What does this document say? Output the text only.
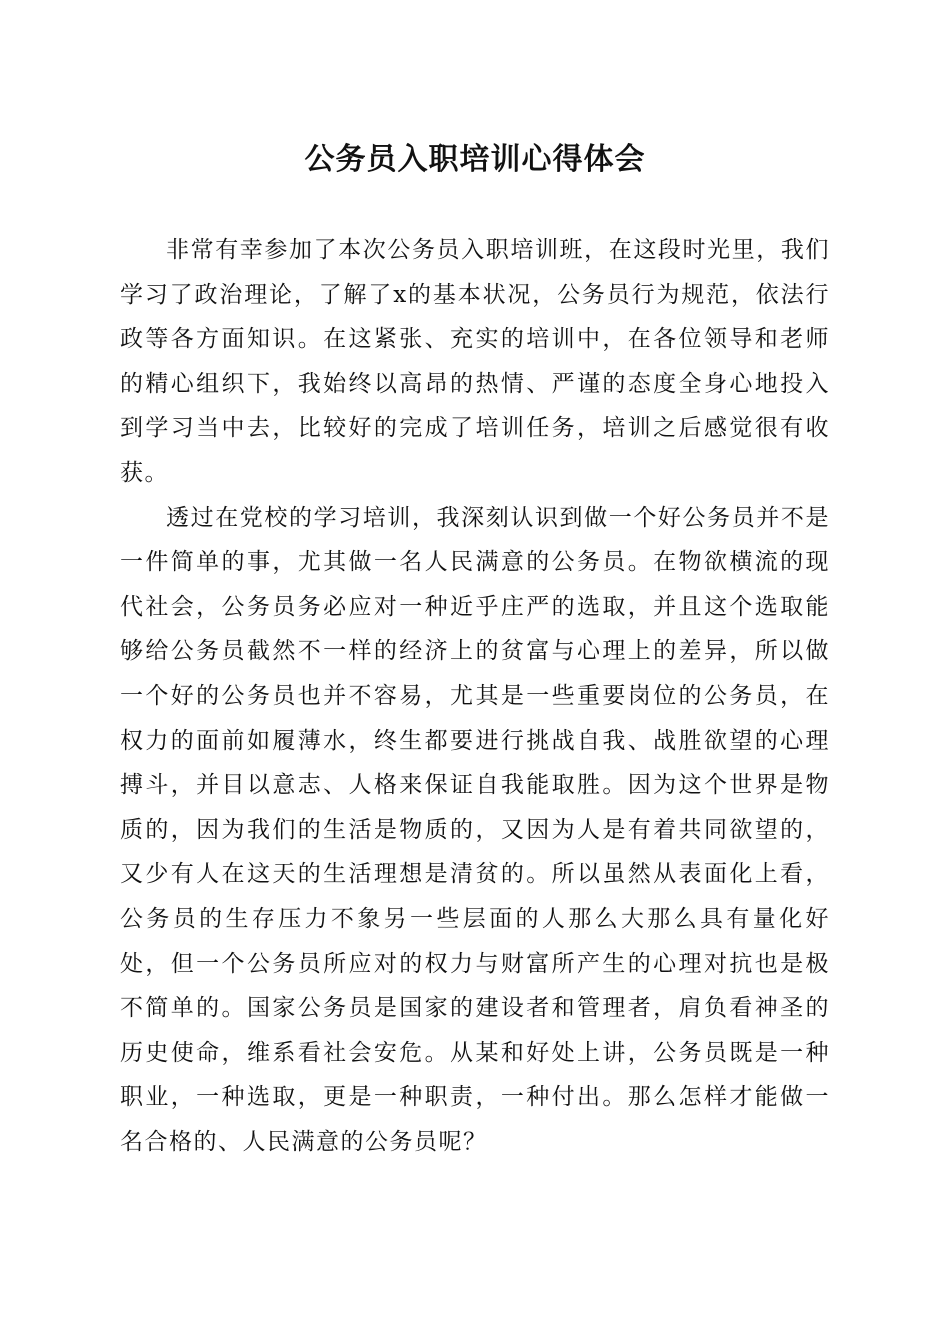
公务员入职培训心得体会

非常有幸参加了本次公务员入职培训班，在这段时光里，我们学习了政治理论，了解了x的基本状况，公务员行为规范，依法行政等各方面知识。在这紧张、充实的培训中，在各位领导和老师的精心组织下，我始终以高昂的热情、严谨的态度全身心地投入到学习当中去，比较好的完成了培训任务，培训之后感觉很有收获。

透过在党校的学习培训，我深刻认识到做一个好公务员并不是一件简单的事，尤其做一名人民满意的公务员。在物欲横流的现代社会，公务员务必应对一种近乎庄严的选取，并且这个选取能够给公务员截然不一样的经济上的贫富与心理上的差异，所以做一个好的公务员也并不容易，尤其是一些重要岗位的公务员，在权力的面前如履薄水，终生都要进行挑战自我、战胜欲望的心理搏斗，并目以意志、人格来保证自我能取胜。因为这个世界是物质的，因为我们的生活是物质的，又因为人是有着共同欲望的，又少有人在这天的生活理想是清贫的。所以虽然从表面化上看，公务员的生存压力不象另一些层面的人那么大那么具有量化好处，但一个公务员所应对的权力与财富所产生的心理对抗也是极不简单的。国家公务员是国家的建设者和管理者，肩负看神圣的历史使命，维系看社会安危。从某和好处上讲，公务员既是一种职业，一种选取，更是一种职责，一种付出。那么怎样才能做一名合格的、人民满意的公务员呢？
